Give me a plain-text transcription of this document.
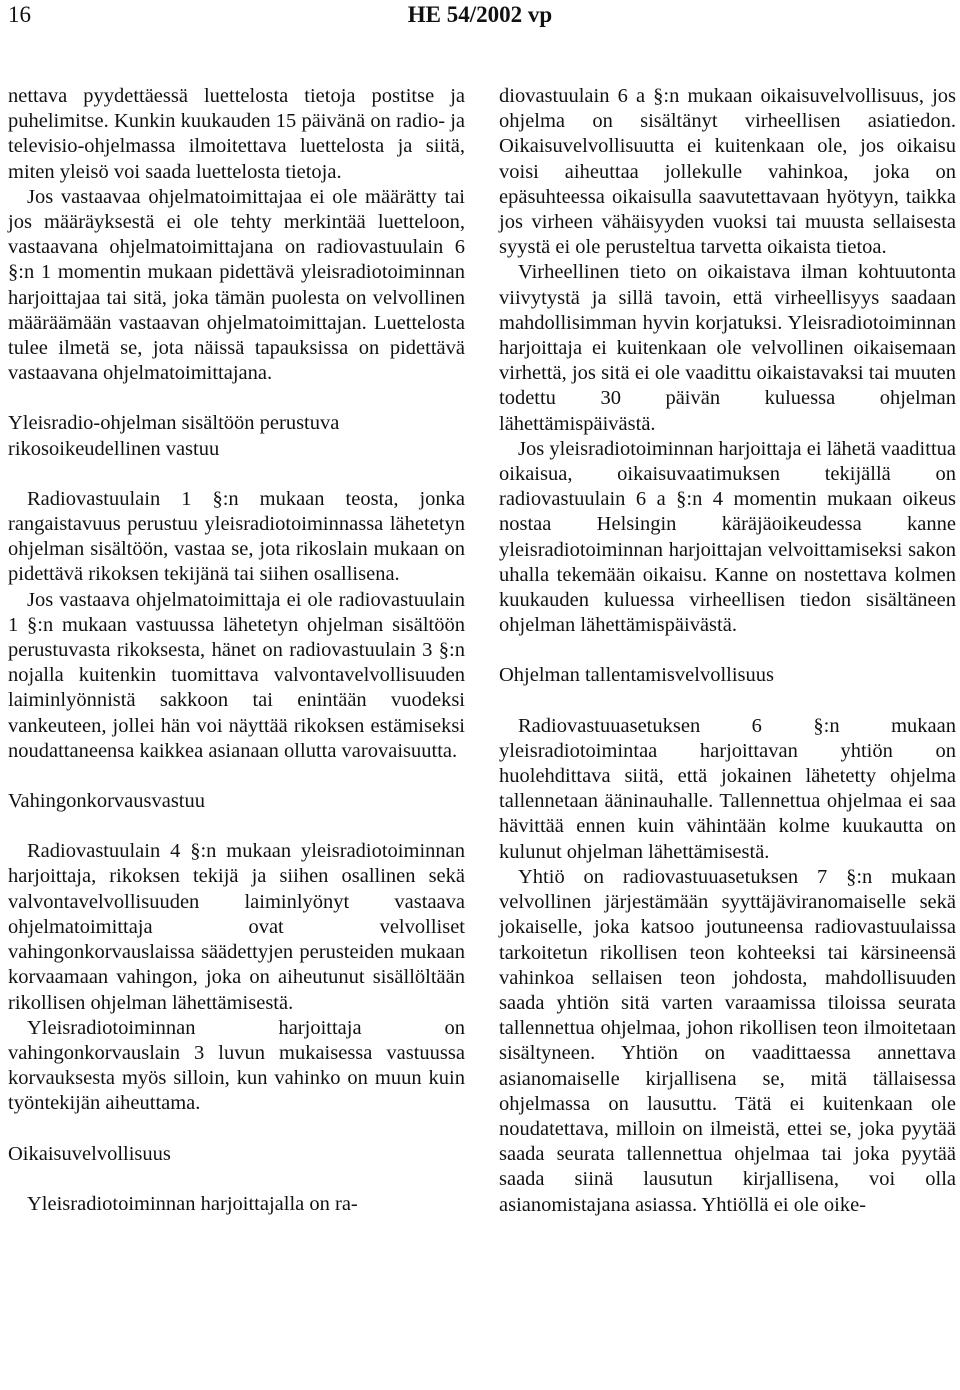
16	HE 54/2002 vp

nettava pyydettäessä luettelosta tietoja postitse ja puhelimitse. Kunkin kuukauden 15 päivänä on radio- ja televisio-ohjelmassa ilmoitettava luettelosta ja siitä, miten yleisö voi saada luettelosta tietoja.

Jos vastaavaa ohjelmatoimittajaa ei ole määrätty tai jos määräyksestä ei ole tehty merkintää luetteloon, vastaavana ohjelmatoimittajana on radiovastuulain 6 §:n 1 momentin mukaan pidettävä yleisradiotoiminnan harjoittajaa tai sitä, joka tämän puolesta on velvollinen määräämään vastaavan ohjelmatoimittajan. Luettelosta tulee ilmetä se, jota näissä tapauksissa on pidettävä vastaavana ohjelmatoimittajana.

Yleisradio-ohjelman sisältöön perustuva rikosoikeudellinen vastuu

Radiovastuulain 1 §:n mukaan teosta, jonka rangaistavuus perustuu yleisradiotoiminnassa lähetetyn ohjelman sisältöön, vastaa se, jota rikoslain mukaan on pidettävä rikoksen tekijänä tai siihen osallisena.

Jos vastaava ohjelmatoimittaja ei ole radiovastuulain 1 §:n mukaan vastuussa lähetetyn ohjelman sisältöön perustuvasta rikoksesta, hänet on radiovastuulain 3 §:n nojalla kuitenkin tuomittava valvontavelvollisuuden laiminlyönnistä sakkoon tai enintään vuodeksi vankeuteen, jollei hän voi näyttää rikoksen estämiseksi noudattaneensa kaikkea asianaan ollutta varovaisuutta.

Vahingonkorvausvastuu

Radiovastuulain 4 §:n mukaan yleisradiotoiminnan harjoittaja, rikoksen tekijä ja siihen osallinen sekä valvontavelvollisuuden laiminlyönyt vastaava ohjelmatoimittaja ovat velvolliset vahingonkorvauslaissa säädettyjen perusteiden mukaan korvaamaan vahingon, joka on aiheutunut sisällöltään rikollisen ohjelman lähettämisestä.

Yleisradiotoiminnan harjoittaja on vahingonkorvauslain 3 luvun mukaisessa vastuussa korvauksesta myös silloin, kun vahinko on muun kuin työntekijän aiheuttama.

Oikaisuvelvollisuus

Yleisradiotoiminnan harjoittajalla on ra-

diovastuulain 6 a §:n mukaan oikaisuvelvollisuus, jos ohjelma on sisältänyt virheellisen asiatiedon. Oikaisuvelvollisuutta ei kuitenkaan ole, jos oikaisu voisi aiheuttaa jollekulle vahinkoa, joka on epäsuhteessa oikaisulla saavutettavaan hyötyyn, taikka jos virheen vähäisyyden vuoksi tai muusta sellaisesta syystä ei ole perusteltua tarvetta oikaista tietoa.

Virheellinen tieto on oikaistava ilman kohtuutonta viivytystä ja sillä tavoin, että virheellisyys saadaan mahdollisimman hyvin korjatuksi. Yleisradiotoiminnan harjoittaja ei kuitenkaan ole velvollinen oikaisemaan virhettä, jos sitä ei ole vaadittu oikaistavaksi tai muuten todettu 30 päivän kuluessa ohjelman lähettämispäivästä.

Jos yleisradiotoiminnan harjoittaja ei lähetä vaadittua oikaisua, oikaisuvaatimuksen tekijällä on radiovastuulain 6 a §:n 4 momentin mukaan oikeus nostaa Helsingin käräjäoikeudessa kanne yleisradiotoiminnan harjoittajan velvoittamiseksi sakon uhalla tekemään oikaisu. Kanne on nostettava kolmen kuukauden kuluessa virheellisen tiedon sisältäneen ohjelman lähettämispäivästä.

Ohjelman tallentamisvelvollisuus

Radiovastuuasetuksen 6 §:n mukaan yleisradiotoimintaa harjoittavan yhtiön on huolehdittava siitä, että jokainen lähetetty ohjelma tallennetaan ääninauhalle. Tallennettua ohjelmaa ei saa hävittää ennen kuin vähintään kolme kuukautta on kulunut ohjelman lähettämisestä.

Yhtiö on radiovastuuasetuksen 7 §:n mukaan velvollinen järjestämään syyttäjäviranomaiselle sekä jokaiselle, joka katsoo joutuneensa radiovastuulaissa tarkoitetun rikollisen teon kohteeksi tai kärsineensä vahinkoa sellaisen teon johdosta, mahdollisuuden saada yhtiön sitä varten varaamissa tiloissa seurata tallennettua ohjelmaa, johon rikollisen teon ilmoitetaan sisältyneen. Yhtiön on vaadittaessa annettava asianomaiselle kirjallisena se, mitä tällaisessa ohjelmassa on lausuttu. Tätä ei kuitenkaan ole noudatettava, milloin on ilmeistä, ettei se, joka pyytää saada seurata tallennettua ohjelmaa tai joka pyytää saada siinä lausutun kirjallisena, voi olla asianomistajana asiassa. Yhtiöllä ei ole oike-
